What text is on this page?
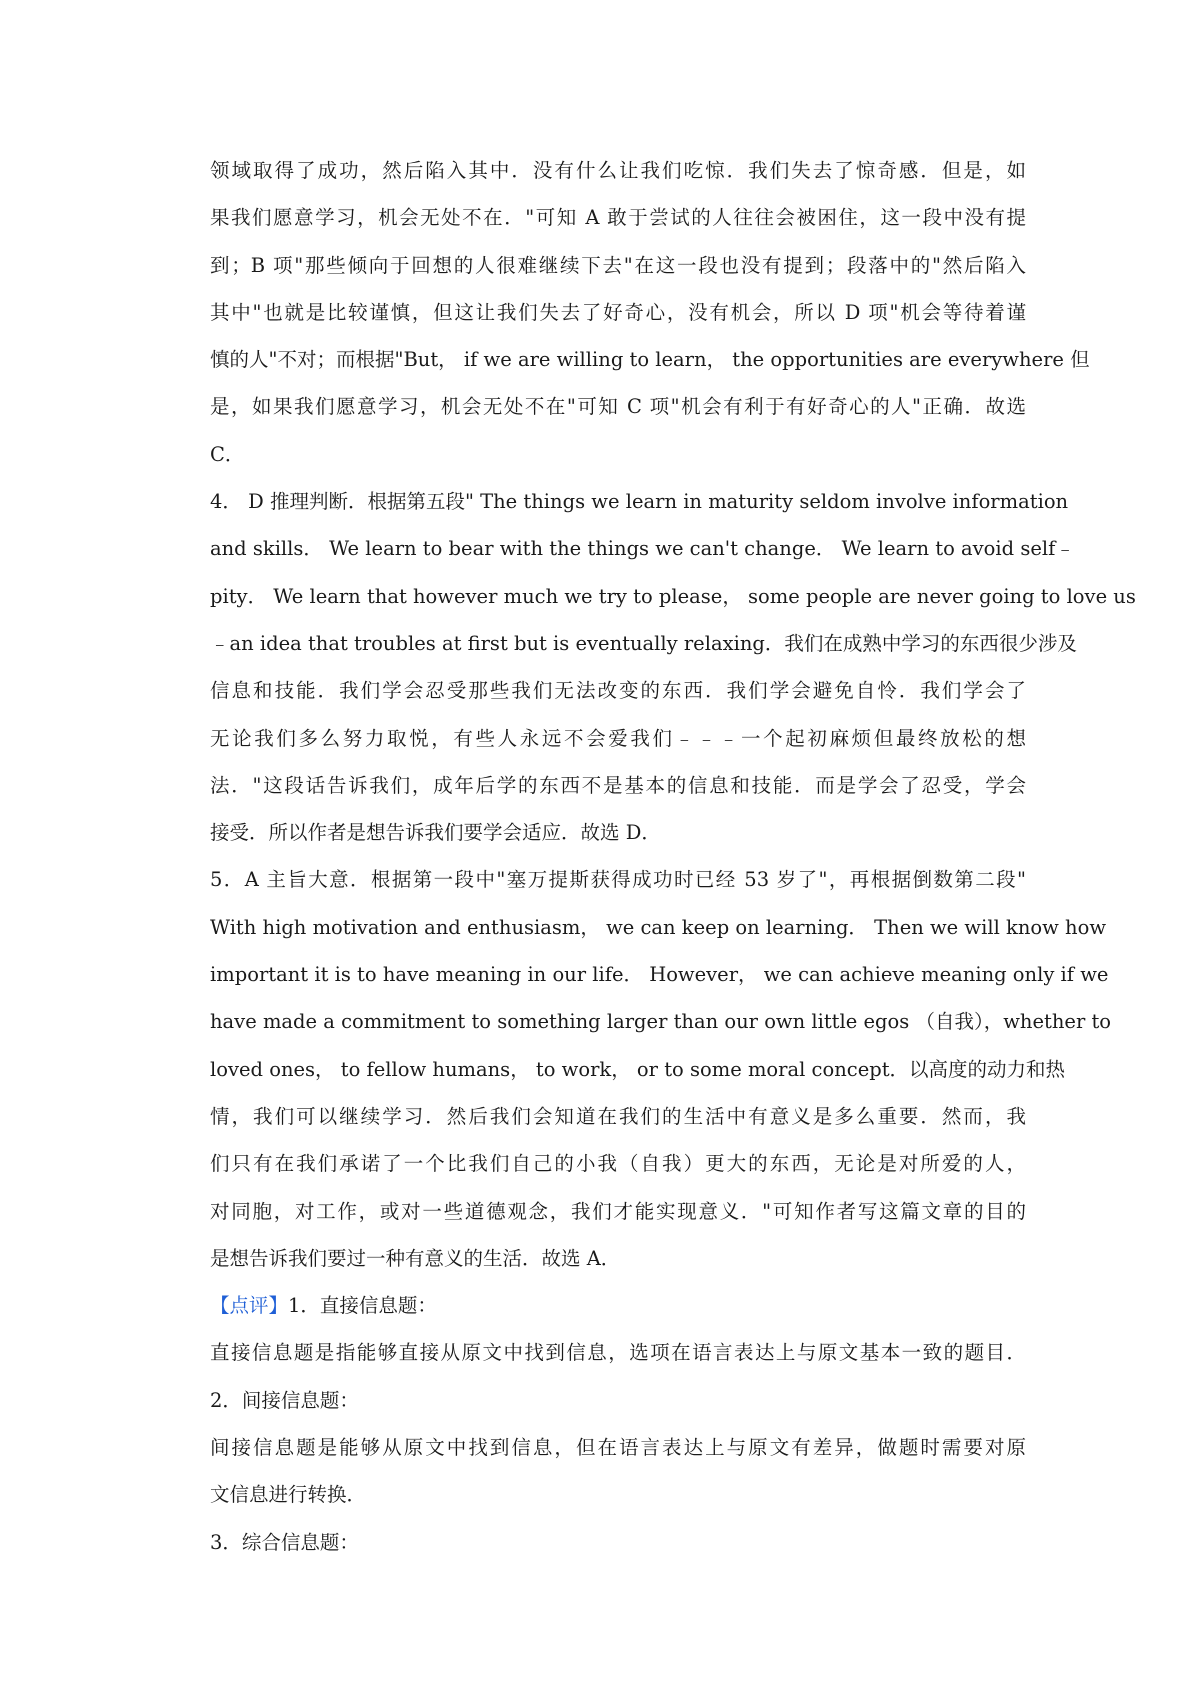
领域取得了成功，然后陷入其中．没有什么让我们吃惊．我们失去了惊奇感．但是，如
果我们愿意学习，机会无处不在．"可知 A 敢于尝试的人往往会被困住，这一段中没有提
到；B 项"那些倾向于回想的人很难继续下去"在这一段也没有提到；段落中的"然后陷入
其中"也就是比较谨慎，但这让我们失去了好奇心，没有机会，所以 D 项"机会等待着谨
慎的人"不对；而根据"But， if we are willing to learn， the opportunities are everywhere 但
是，如果我们愿意学习，机会无处不在"可知 C 项"机会有利于有好奇心的人"正确．故选
C．
4． D 推理判断．根据第五段" The things we learn in maturity seldom involve information
and skills． We learn to bear with the things we can't change． We learn to avoid self﹣
pity． We learn that however much we try to please， some people are never going to love us
﹣an idea that troubles at first but is eventually relaxing．我们在成熟中学习的东西很少涉及
信息和技能．我们学会忍受那些我们无法改变的东西．我们学会避免自怜．我们学会了
无论我们多么努力取悦，有些人永远不会爱我们﹣﹣﹣一个起初麻烦但最终放松的想
法．"这段话告诉我们，成年后学的东西不是基本的信息和技能．而是学会了忍受，学会
接受．所以作者是想告诉我们要学会适应．故选 D．
5．A 主旨大意．根据第一段中"塞万提斯获得成功时已经 53 岁了"，再根据倒数第二段"
With high motivation and enthusiasm， we can keep on learning． Then we will know how
important it is to have meaning in our life． However， we can achieve meaning only if we
have made a commitment to something larger than our own little egos （自我），whether to
loved ones， to fellow humans， to work， or to some moral concept．以高度的动力和热
情，我们可以继续学习．然后我们会知道在我们的生活中有意义是多么重要．然而，我
们只有在我们承诺了一个比我们自己的小我（自我）更大的东西，无论是对所爱的人，
对同胞，对工作，或对一些道德观念，我们才能实现意义．"可知作者写这篇文章的目的
是想告诉我们要过一种有意义的生活．故选 A．
【点评】1．直接信息题：
直接信息题是指能够直接从原文中找到信息，选项在语言表达上与原文基本一致的题目．
2．间接信息题：
间接信息题是能够从原文中找到信息，但在语言表达上与原文有差异，做题时需要对原
文信息进行转换．
3．综合信息题：
